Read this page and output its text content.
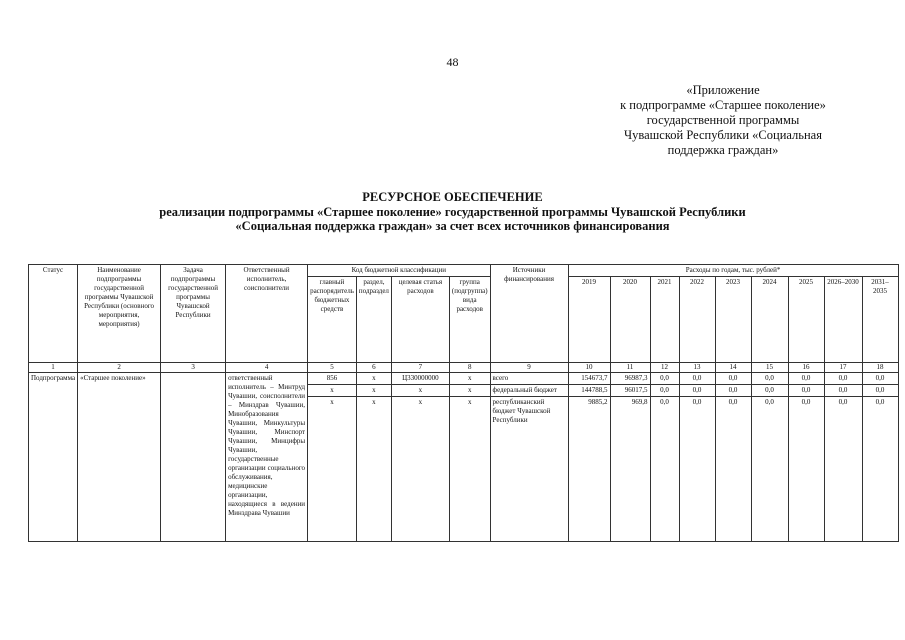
48
«Приложение
к подпрограмме «Старшее поколение»
государственной программы
Чувашской Республики «Социальная
поддержка граждан»
РЕСУРСНОЕ ОБЕСПЕЧЕНИЕ
реализации подпрограммы «Старшее поколение» государственной программы Чувашской Республики
«Социальная поддержка граждан» за счет всех источников финансирования
Статус	Наименование подпрограммы государственной программы Чувашской Республики (основного мероприятия, мероприятия)	Задача подпрограммы государственной программы Чувашской Республики	Ответственный исполнитель, соисполнители	Код бюджетной классификации				Источники финансирования	Расходы по годам, тыс. рублей*								
				главный распорядитель бюджетных средств	раздел, подраздел	целевая статья расходов	группа (подгруппа) вида расходов		2019	2020	2021	2022	2023	2024	2025	2026–2030	2031–2035
1	2	3	4	5	6	7	8	9	10	11	12	13	14	15	16	17	18
Подпрограмма	«Старшее поколение»		ответственный исполнитель – Минтруд Чувашии, соисполнители – Минздрав Чувашии, Минобразования Чувашии, Минкультуры Чувашии, Минспорт Чувашии, Минцифры Чувашии, государственные организации социального обслуживания, медицинские организации, находящиеся в ведении Минздрава Чувашии	856	х	Ц330000000	х	всего	154673,7	96987,3	0,0	0,0	0,0	0,0	0,0	0,0	0,0
				х	х	х	х	федеральный бюджет	144788,5	96017,5	0,0	0,0	0,0	0,0	0,0	0,0	0,0
				х	х	х	х	республиканский бюджет Чувашской Республики	9885,2	969,8	0,0	0,0	0,0	0,0	0,0	0,0	0,0
